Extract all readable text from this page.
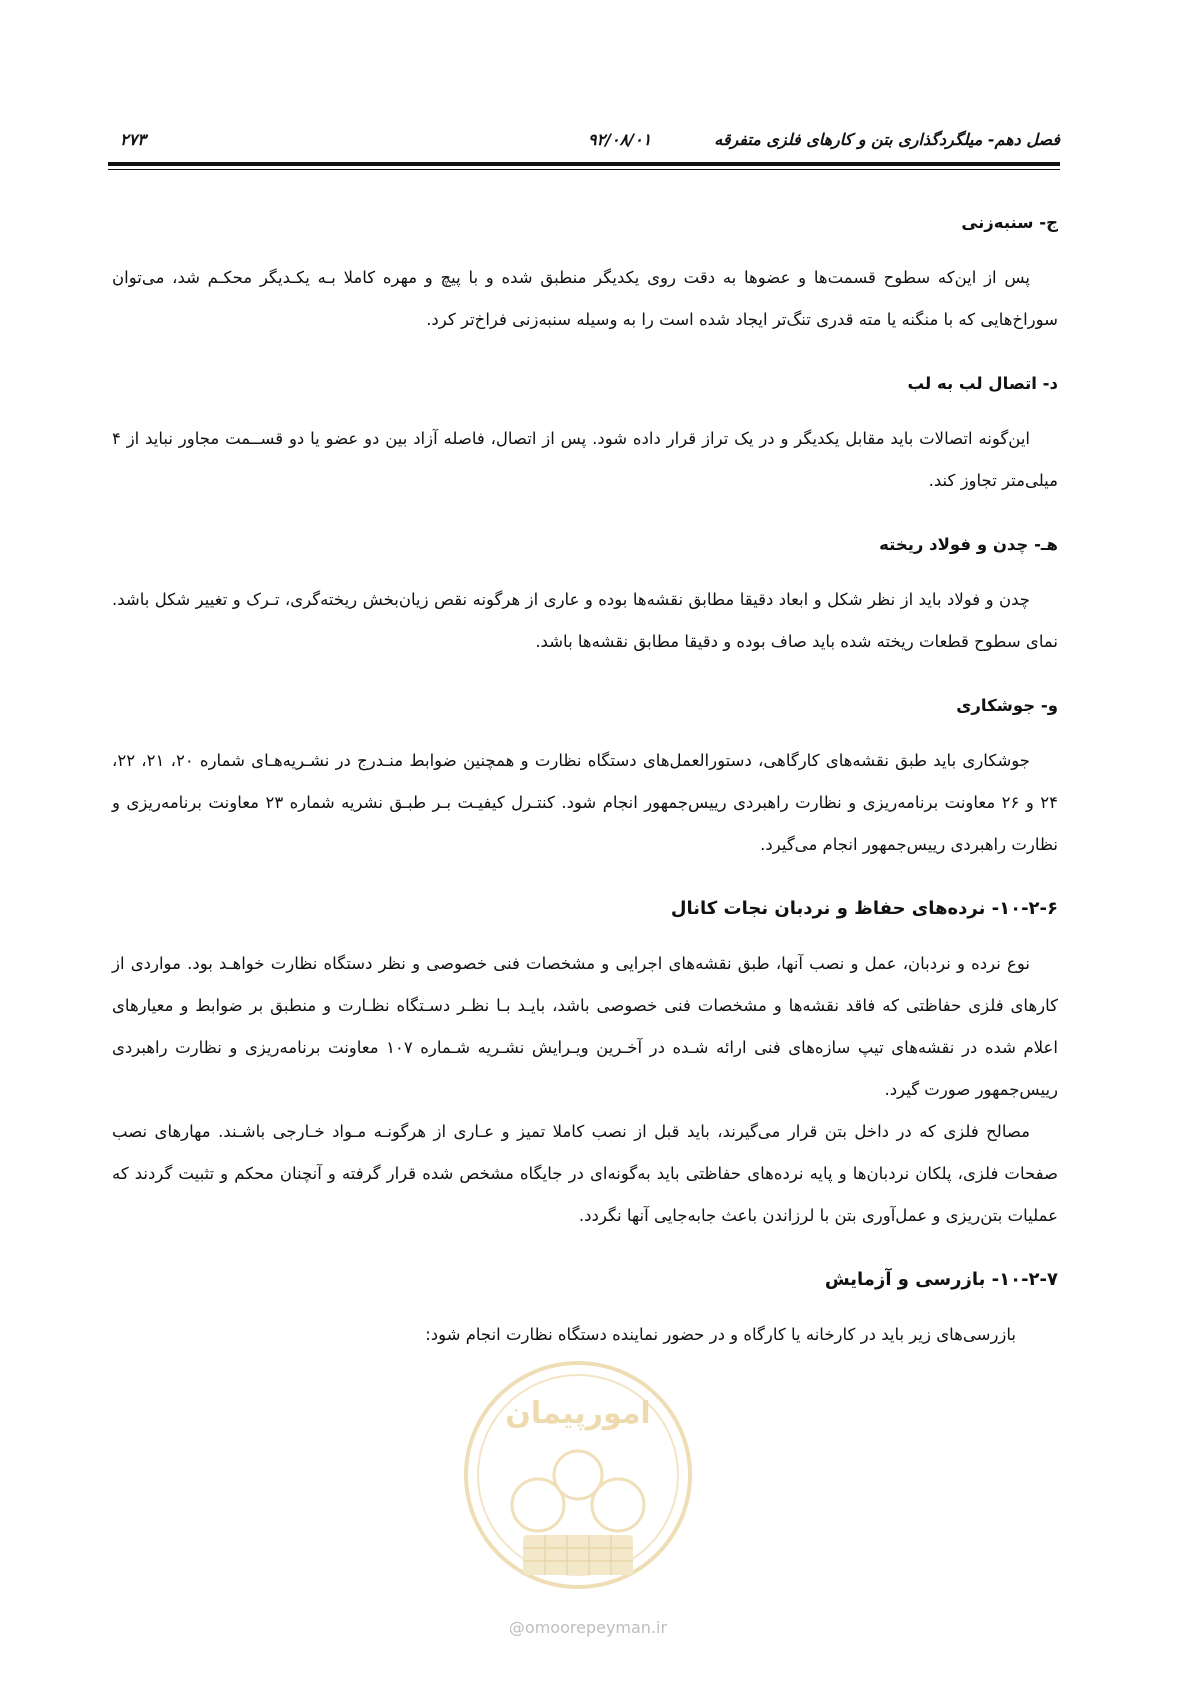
فصل دهم- میلگردگذاری بتن و کارهای فلزی متفرقه
۹۲/۰۸/۰۱
۲۷۳
ج- سنبه‌زنی

پس از این‌که سطوح قسمت‌ها و عضوها به دقت روی یکدیگر منطبق شده و با پیچ و مهره کاملا بـه یکـدیگر محکـم شد، می‌توان سوراخ‌هایی که با منگنه یا مته قدری تنگ‌تر ایجاد شده است را به وسیله سنبه‌زنی فراخ‌تر کرد.

د- اتصال لب به لب

این‌گونه اتصالات باید مقابل یکدیگر و در یک تراز قرار داده شود. پس از اتصال، فاصله آزاد بین دو عضو یا دو قســمت مجاور نباید از ۴ میلی‌متر تجاوز کند.

هـ- چدن و فولاد ریخته

چدن و فولاد باید از نظر شکل و ابعاد دقیقا مطابق نقشه‌ها بوده و عاری از هرگونه نقص زیان‌بخش ریخته‌گری، تـرک و تغییر شکل باشد. نمای سطوح قطعات ریخته شده باید صاف بوده و دقیقا مطابق نقشه‌ها باشد.

و- جوشکاری

جوشکاری باید طبق نقشه‌های کارگاهی، دستورالعمل‌های دستگاه نظارت و همچنین ضوابط منـدرج در نشـریه‌هـای شماره ۲۰، ۲۱، ۲۲، ۲۴ و ۲۶ معاونت برنامه‌ریزی و نظارت راهبردی رییس‌جمهور انجام شود. کنتـرل کیفیـت بـر طبـق نشریه شماره ۲۳ معاونت برنامه‌ریزی و نظارت راهبردی رییس‌جمهور انجام می‌گیرد.

۱۰-۲-۶- نرده‌های حفاظ و نردبان نجات کانال

نوع نرده و نردبان، عمل و نصب آنها، طبق نقشه‌های اجرایی و مشخصات فنی خصوصی و نظر دستگاه نظارت خواهـد بود. مواردی از کارهای فلزی حفاظتی که فاقد نقشه‌ها و مشخصات فنی خصوصی باشد، بایـد بـا نظـر دسـتگاه نظـارت و منطبق بر ضوابط و معیارهای اعلام شده در نقشه‌های تیپ سازه‌های فنی ارائه شـده در آخـرین ویـرایش نشـریه شـماره ۱۰۷ معاونت برنامه‌ریزی و نظارت راهبردی رییس‌جمهور صورت گیرد.

مصالح فلزی که در داخل بتن قرار می‌گیرند، باید قبل از نصب کاملا تمیز و عـاری از هرگونـه مـواد خـارجی باشـند. مهارهای نصب صفحات فلزی، پلکان نردبان‌ها و پایه نرده‌های حفاظتی باید به‌گونه‌ای در جایگاه مشخص شده قرار گرفته و آنچنان محکم و تثبیت گردند که عملیات بتن‌ریزی و عمل‌آوری بتن با لرزاندن باعث جابه‌جایی آنها نگردد.

۱۰-۲-۷- بازرسی و آزمایش

بازرسی‌های زیر باید در کارخانه یا کارگاه و در حضور نماینده دستگاه نظارت انجام شود:

امورپیمان
@omoorepeyman.ir
